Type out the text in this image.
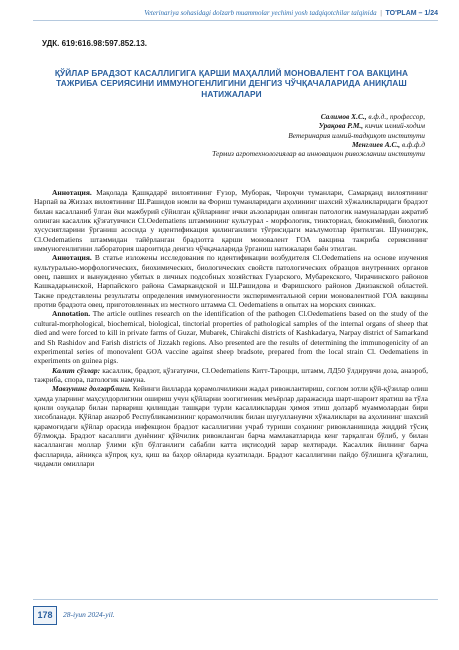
Veterinariya sohasidagi dolzarb muammolar yechimi yosh tadqiqotchilar talqinida | TO'PLAM – 1/24
УДК. 619:616.98:597.852.13.
ҚЎЙЛАР БРАДЗОТ КАСАЛЛИГИГА ҚАРШИ МАҲАЛЛИЙ МОНОВАЛЕНТ ГОА ВАКЦИНА ТАЖРИБА СЕРИЯСИНИ ИММУНОГЕНЛИГИНИ ДЕНГИЗ ЧЎЧҚАЧАЛАРИДА АНИҚЛАШ НАТИЖАЛАРИ
Салимов Х.С., в.ф.д., профессор,
Урақова Р.М., кичик илмий-ходим
Ветеринария илмий-тадқиқот институти
Менглиев А.С., в.ф.ф.д
Термиз агротехнологиялар ва инновацион ривожланиш институти

Аннотация. Мақолада Қашқадарё вилоятининг Ғузор, Муборак, Чироқчи туманлари, Самарқанд вилоятининг Нарпай ва Жиззах вилоятининг Ш.Рашидов номли ва Фориш туманларидаги аҳолининг шахсий хўжаликларидаги брадзот билан касалланиб ўлган ёки мажбурий сўйилган қўйларнинг ички аъзоларидан олинган патологик намуналардан ажратиб олинган касаллик қўзғатувчиси Cl.Oedematiens штаммининг культурал - морфологик, тинкториал, биокимёвий, биологик хусусиятларини ўрганиш асосида у идентификация қилинганлиги тўғрисидаги маълумотлар ёритилган. Шунингдек, Cl.Oedematiens штаммидан тайёрланган брадзотга қарши моновалент ГОА вакцина тажриба сериясининг иммуногенлигини лаборатория шароитида денгиз чўчқачаларида ўрганиш натижалари баён этилган.

Аннотация. В статье изложены исследования по идентификации возбудителя Cl.Oedematiens на основе изучения культурально-морфологических, биохимических, биологических свойств патологических образцов внутренних органов овец, павших и вынужденно убитых в личных подсобных хозяйствах Гузарского, Мубарекского, Чирачинского районов Кашкадарьинской, Нарпайского района Самаркандской и Ш.Рашидова и Фаришского районов Джизакской областей. Также представлены результаты определения иммуногенности экспериментальной серии моновалентной ГОА вакцины против брадзота овец, приготовленных из местного штамма Cl. Oedematiens в опытах на морских свинках.

Annotation. The article outlines research on the identification of the pathogen Cl.Oedematiens based on the study of the cultural-morphological, biochemical, biological, tinctorial properties of pathological samples of the internal organs of sheep that died and were forced to kill in private farms of Guzar, Mubarek, Chirakchi districts of Kashkadarya, Narpay district of Samarkand and Sh Rashidov and Farish districts of Jizzakh regions. Also presented are the results of determining the immunogenicity of an experimental series of monovalent GOA vaccine against sheep bradsote, prepared from the local strain Cl. Oedematiens in experiments on guinea pigs.

Калит сўзлар: касаллик, брадзот, қўзғатувчи, Cl.Oedematiens Китт-Тароцци, штамм, ЛД50 ўлдирувчи доза, анаэроб, тажриба, спора, патологик намуна.

Мавзунинг долзарблиги. Кейинги йилларда қорамолчиликни жадал ривожлантириш, соғлом зотли қўй-қўзилар олиш ҳамда уларнинг маҳсулдорлигини ошириш учун қўйларни зоогигиеник меъёрлар даражасида шарт-шароит яратиш ва тўла қонли озуқалар билан парвариш қилишдан ташқари турли касалликлардан ҳимоя этиш долзарб муаммолардан бири хисобланади. Қўйлар анаэроб Республикамизнинг қорамолчилик билан шуғулланувчи хўжаликлари ва аҳолининг шахсий қарамоғидаги қўйлар орасида инфекцион брадзот касаллигини учраб туриши соҳанинг ривожланишида жиддий тўсиқ бўлмоқда. Брадзот касаллиги дунёнинг қўйчилик ривожланган барча мамлакатларида кенг тарқалган бўлиб, у билан касалланган моллар ўлими кўп бўлганлиги сабабли катта иқтисодий зарар келтиради. Касаллик йилнинг барча фаслларида, айниқса кўпроқ куз, қиш ва баҳор ойларида кузатилади. Брадзот касаллигини пайдо бўлишига қўзғалиш, чидамли омиллари

178	28-iyun 2024-yil.
